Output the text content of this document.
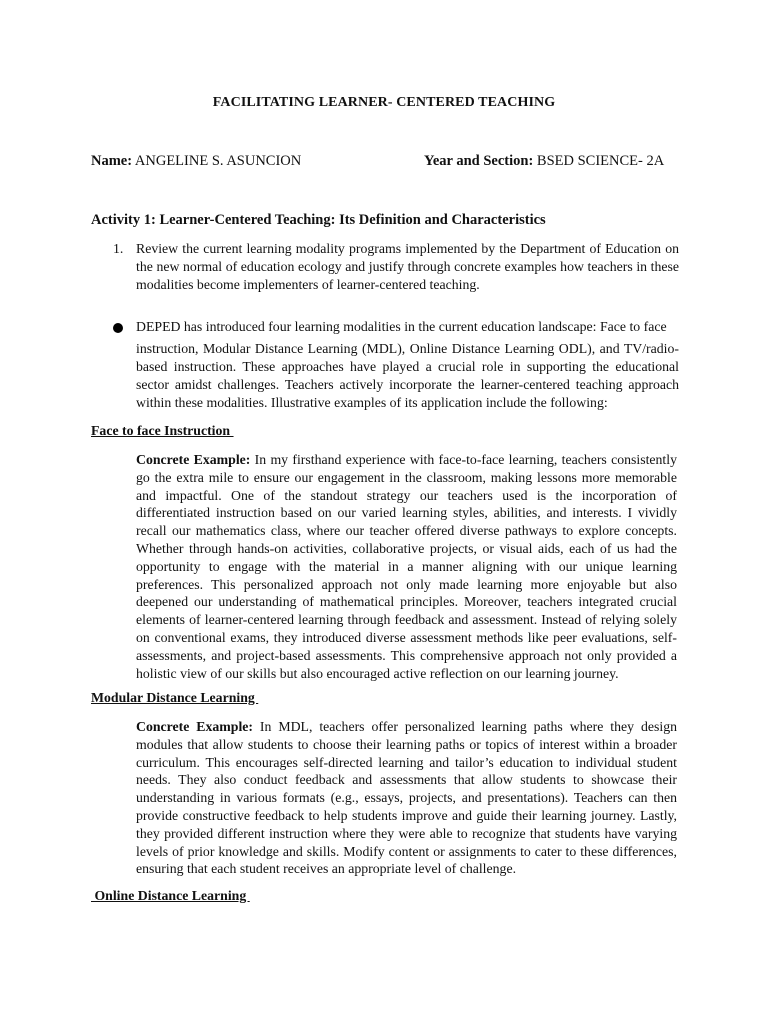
FACILITATING LEARNER- CENTERED TEACHING
Name: ANGELINE S. ASUNCION	Year and Section: BSED SCIENCE- 2A
Activity 1: Learner-Centered Teaching: Its Definition and Characteristics
1. Review the current learning modality programs implemented by the Department of Education on the new normal of education ecology and justify through concrete examples how teachers in these modalities become implementers of learner-centered teaching.
DEPED has introduced four learning modalities in the current education landscape: Face to face
instruction, Modular Distance Learning (MDL), Online Distance Learning ODL), and TV/radio-based instruction. These approaches have played a crucial role in supporting the educational sector amidst challenges. Teachers actively incorporate the learner-centered teaching approach within these modalities. Illustrative examples of its application include the following:
Face to face Instruction
Concrete Example: In my firsthand experience with face-to-face learning, teachers consistently go the extra mile to ensure our engagement in the classroom, making lessons more memorable and impactful. One of the standout strategy our teachers used is the incorporation of differentiated instruction based on our varied learning styles, abilities, and interests. I vividly recall our mathematics class, where our teacher offered diverse pathways to explore concepts. Whether through hands-on activities, collaborative projects, or visual aids, each of us had the opportunity to engage with the material in a manner aligning with our unique learning preferences. This personalized approach not only made learning more enjoyable but also deepened our understanding of mathematical principles. Moreover, teachers integrated crucial elements of learner-centered learning through feedback and assessment. Instead of relying solely on conventional exams, they introduced diverse assessment methods like peer evaluations, self-assessments, and project-based assessments. This comprehensive approach not only provided a holistic view of our skills but also encouraged active reflection on our learning journey.
Modular Distance Learning
Concrete Example: In MDL, teachers offer personalized learning paths where they design modules that allow students to choose their learning paths or topics of interest within a broader curriculum. This encourages self-directed learning and tailor’s education to individual student needs. They also conduct feedback and assessments that allow students to showcase their understanding in various formats (e.g., essays, projects, and presentations). Teachers can then provide constructive feedback to help students improve and guide their learning journey. Lastly, they provided different instruction where they were able to recognize that students have varying levels of prior knowledge and skills. Modify content or assignments to cater to these differences, ensuring that each student receives an appropriate level of challenge.
Online Distance Learning
